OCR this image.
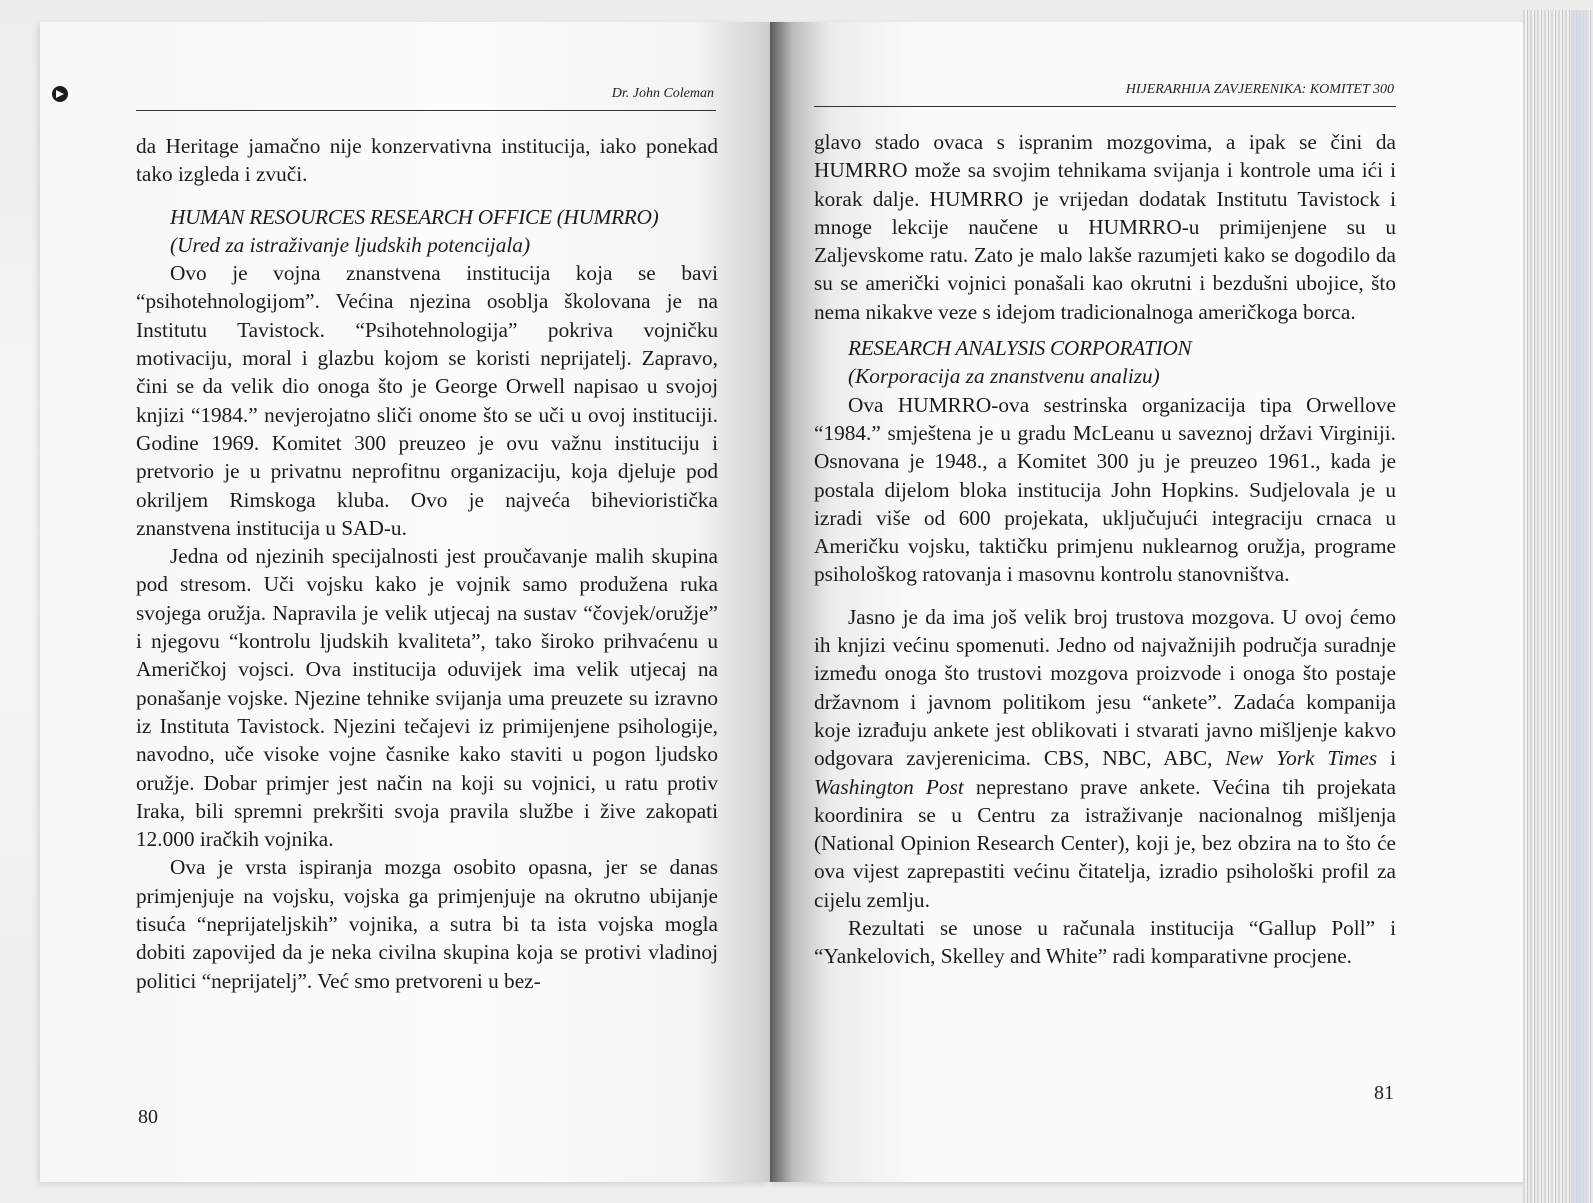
Dr. John Coleman

da Heritage jamačno nije konzervativna institucija, iako ponekad tako izgleda i zvuči.

HUMAN RESOURCES RESEARCH OFFICE (HUMRRO)

(Ured za istraživanje ljudskih potencijala)

Ovo je vojna znanstvena institucija koja se bavi “psihotehnologijom”. Većina njezina osoblja školovana je na Institutu Tavistock. “Psihotehnologija” pokriva vojničku motivaciju, moral i glazbu kojom se koristi neprijatelj. Zapravo, čini se da velik dio onoga što je George Orwell napisao u svojoj knjizi “1984.” nevjerojatno sliči onome što se uči u ovoj instituciji. Godine 1969. Komitet 300 preuzeo je ovu važnu instituciju i pretvorio je u privatnu neprofitnu organizaciju, koja djeluje pod okriljem Rimskoga kluba. Ovo je najveća bihevioristička znanstvena institucija u SAD-u.

Jedna od njezinih specijalnosti jest proučavanje malih skupina pod stresom. Uči vojsku kako je vojnik samo produžena ruka svojega oružja. Napravila je velik utjecaj na sustav “čovjek/oružje” i njegovu “kontrolu ljudskih kvaliteta”, tako široko prihvaćenu u Američkoj vojsci. Ova institucija oduvijek ima velik utjecaj na ponašanje vojske. Njezine tehnike svijanja uma preuzete su izravno iz Instituta Tavistock. Njezini tečajevi iz primijenjene psihologije, navodno, uče visoke vojne časnike kako staviti u pogon ljudsko oružje. Dobar primjer jest način na koji su vojnici, u ratu protiv Iraka, bili spremni prekršiti svoja pravila službe i žive zakopati 12.000 iračkih vojnika.

Ova je vrsta ispiranja mozga osobito opasna, jer se danas primjenjuje na vojsku, vojska ga primjenjuje na okrutno ubijanje tisuća “neprijateljskih” vojnika, a sutra bi ta ista vojska mogla dobiti zapovijed da je neka civilna skupina koja se protivi vladinoj politici “neprijatelj”. Već smo pretvoreni u bez-

80
HIJERARHIJA ZAVJERENIKA: KOMITET 300

glavo stado ovaca s ispranim mozgovima, a ipak se čini da HUMRRO može sa svojim tehnikama svijanja i kontrole uma ići i korak dalje. HUMRRO je vrijedan dodatak Institutu Tavistock i mnoge lekcije naučene u HUMRRO-u primijenjene su u Zaljevskome ratu. Zato je malo lakše razumjeti kako se dogodilo da su se američki vojnici ponašali kao okrutni i bezdušni ubojice, što nema nikakve veze s idejom tradicionalnoga američkoga borca.

RESEARCH ANALYSIS CORPORATION

(Korporacija za znanstvenu analizu)

Ova HUMRRO-ova sestrinska organizacija tipa Orwellove “1984.” smještena je u gradu McLeanu u saveznoj državi Virginiji. Osnovana je 1948., a Komitet 300 ju je preuzeo 1961., kada je postala dijelom bloka institucija John Hopkins. Sudjelovala je u izradi više od 600 projekata, uključujući integraciju crnaca u Američku vojsku, taktičku primjenu nuklearnog oružja, programe psihološkog ratovanja i masovnu kontrolu stanovništva.

Jasno je da ima još velik broj trustova mozgova. U ovoj ćemo ih knjizi većinu spomenuti. Jedno od najvažnijih područja suradnje između onoga što trustovi mozgova proizvode i onoga što postaje državnom i javnom politikom jesu “ankete”. Zadaća kompanija koje izrađuju ankete jest oblikovati i stvarati javno mišljenje kakvo odgovara zavjerenicima. CBS, NBC, ABC, New York Times i Washington Post neprestano prave ankete. Većina tih projekata koordinira se u Centru za istraživanje nacionalnog mišljenja (National Opinion Research Center), koji je, bez obzira na to što će ova vijest zaprepastiti većinu čitatelja, izradio psihološki profil za cijelu zemlju.

Rezultati se unose u računala institucija “Gallup Poll” i “Yankelovich, Skelley and White” radi komparativne procjene.

81
